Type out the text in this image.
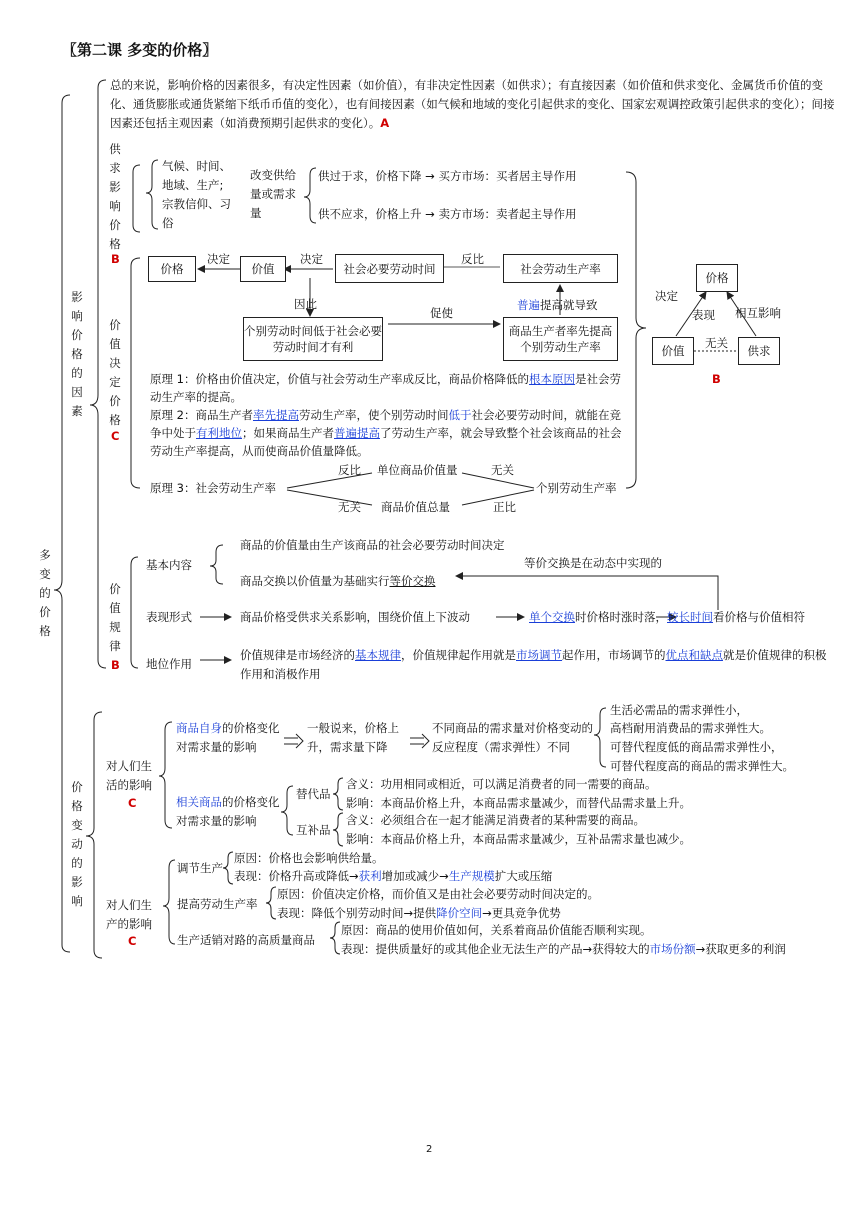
〖第二课 多变的价格〗
多变的价格
总的来说，影响价格的因素很多，有决定性因素（如价值），有非决定性因素（如供求）；有直接因素（如价值和供求变化、金属货币价值的变化、通货膨胀或通货紧缩下纸币币值的变化），也有间接因素（如气候和地域的变化引起供求的变化、国家宏观调控政策引起供求的变化）；间接因素还包括主观因素（如消费预期引起供求的变化）。A
影响价格的因素
供求影响价格
B
气候、时间、地域、生产;宗教信仰、习俗
改变供给量或需求量
供过于求，价格下降 → 买方市场：买者居主导作用
供不应求，价格上升 → 卖方市场：卖者起主导作用
价值决定价格
C
价格	价值	社会必要劳动时间	社会劳动生产率
个别劳动时间低于社会必要劳动时间才有利
商品生产者率先提高个别劳动生产率
决定	决定	反比
因此
促使
普遍提高就导致
原理 1：价格由价值决定，价值与社会劳动生产率成反比，商品价格降低的根本原因是社会劳动生产率的提高。
原理 2：商品生产者率先提高劳动生产率，使个别劳动时间低于社会必要劳动时间，就能在竞争中处于有利地位；如果商品生产者普遍提高了劳动生产率，就会导致整个社会该商品的社会劳动生产率提高，从而使商品价值量降低。
原理 3：社会劳动生产率	个别劳动生产率
反比 单位商品价值量	无关
无关 商品价值总量	正比
价格
价值	供求
决定
表现 相互影响
无关
B
价值规律
B
基本内容
商品的价值量由生产该商品的社会必要劳动时间决定
商品交换以价值量为基础实行等价交换
等价交换是在动态中实现的
表现形式	商品价格受供求关系影响，围绕价值上下波动	单个交换时价格时涨时落，较长时间看价格与价值相符
地位作用
价值规律是市场经济的基本规律，价值规律起作用就是市场调节起作用，市场调节的优点和缺点就是价值规律的积极作用和消极作用
价格变动的影响
对人们生活的影响
C
商品自身的价格变化对需求量的影响
一般说来，价格上升，需求量下降
不同商品的需求量对价格变动的反应程度（需求弹性）不同
生活必需品的需求弹性小，
高档耐用消费品的需求弹性大。
可替代程度低的商品需求弹性小，
可替代程度高的商品的需求弹性大。
相关商品的价格变化对需求量的影响
替代品
含义：功用相同或相近，可以满足消费者的同一需要的商品。
影响：本商品价格上升，本商品需求量减少，而替代品需求量上升。
互补品
含义：必须组合在一起才能满足消费者的某种需要的商品。
影响：本商品价格上升，本商品需求量减少，互补品需求量也减少。
对人们生产的影响
C
调节生产
原因：价格也会影响供给量。
表现：价格升高或降低→获利增加或减少→生产规模扩大或压缩
提高劳动生产率
原因：价值决定价格，而价值又是由社会必要劳动时间决定的。
表现：降低个别劳动时间→提供降价空间→更具竞争优势
生产适销对路的高质量商品
原因：商品的使用价值如何，关系着商品价值能否顺利实现。
表现：提供质量好的或其他企业无法生产的产品→获得较大的市场份额→获取更多的利润
2
